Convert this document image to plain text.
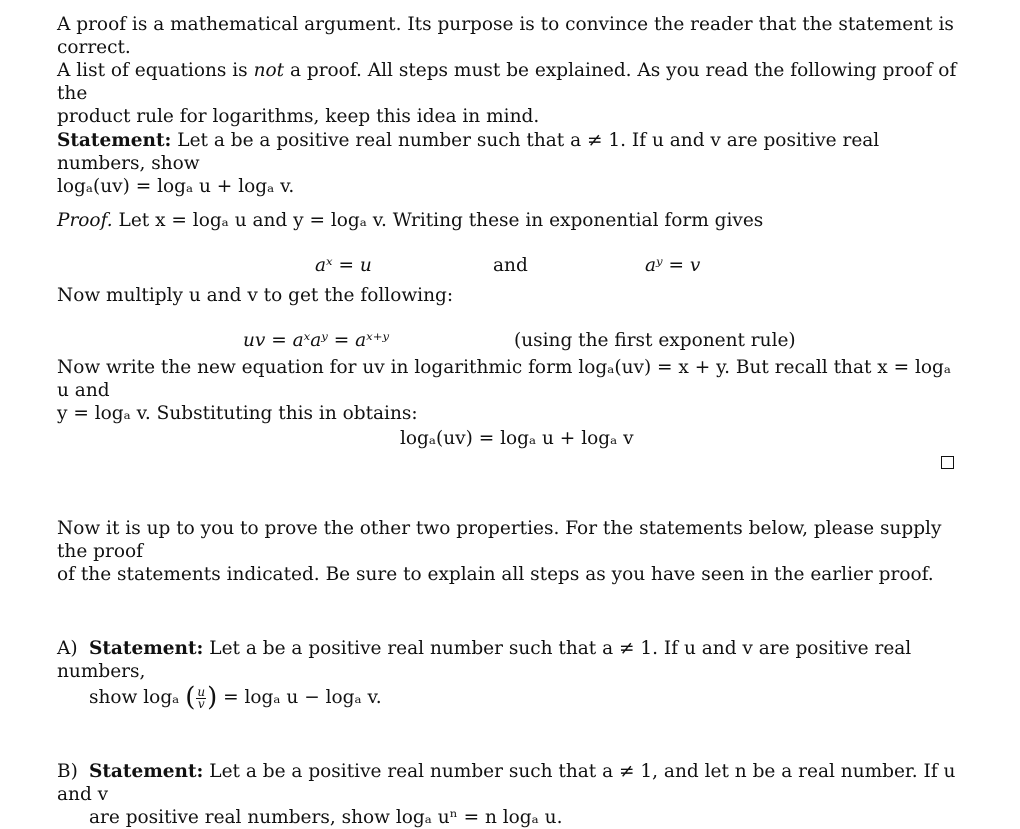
A proof is a mathematical argument. Its purpose is to convince the reader that the statement is correct.
A list of equations is not a proof. All steps must be explained. As you read the following proof of the
product rule for logarithms, keep this idea in mind.
Statement: Let a be a positive real number such that a ≠ 1. If u and v are positive real numbers, show
logₐ(uv) = logₐ u + logₐ v.
Proof. Let x = logₐ u and y = logₐ v. Writing these in exponential form gives
aˣ = u	and	aʸ = v
Now multiply u and v to get the following:
uv = aˣaʸ = aˣ⁺ʸ	(using the first exponent rule)
Now write the new equation for uv in logarithmic form logₐ(uv) = x + y. But recall that x = logₐ u and
y = logₐ v. Substituting this in obtains:
logₐ(uv) = logₐ u + logₐ v
Now it is up to you to prove the other two properties. For the statements below, please supply the proof
of the statements indicated. Be sure to explain all steps as you have seen in the earlier proof.
A) Statement: Let a be a positive real number such that a ≠ 1. If u and v are positive real numbers,
show logₐ ( $\frac{u}{v}$ ) = logₐ u − logₐ v.
B) Statement: Let a be a positive real number such that a ≠ 1, and let n be a real number. If u and v
are positive real numbers, show logₐ uⁿ = n logₐ u.
